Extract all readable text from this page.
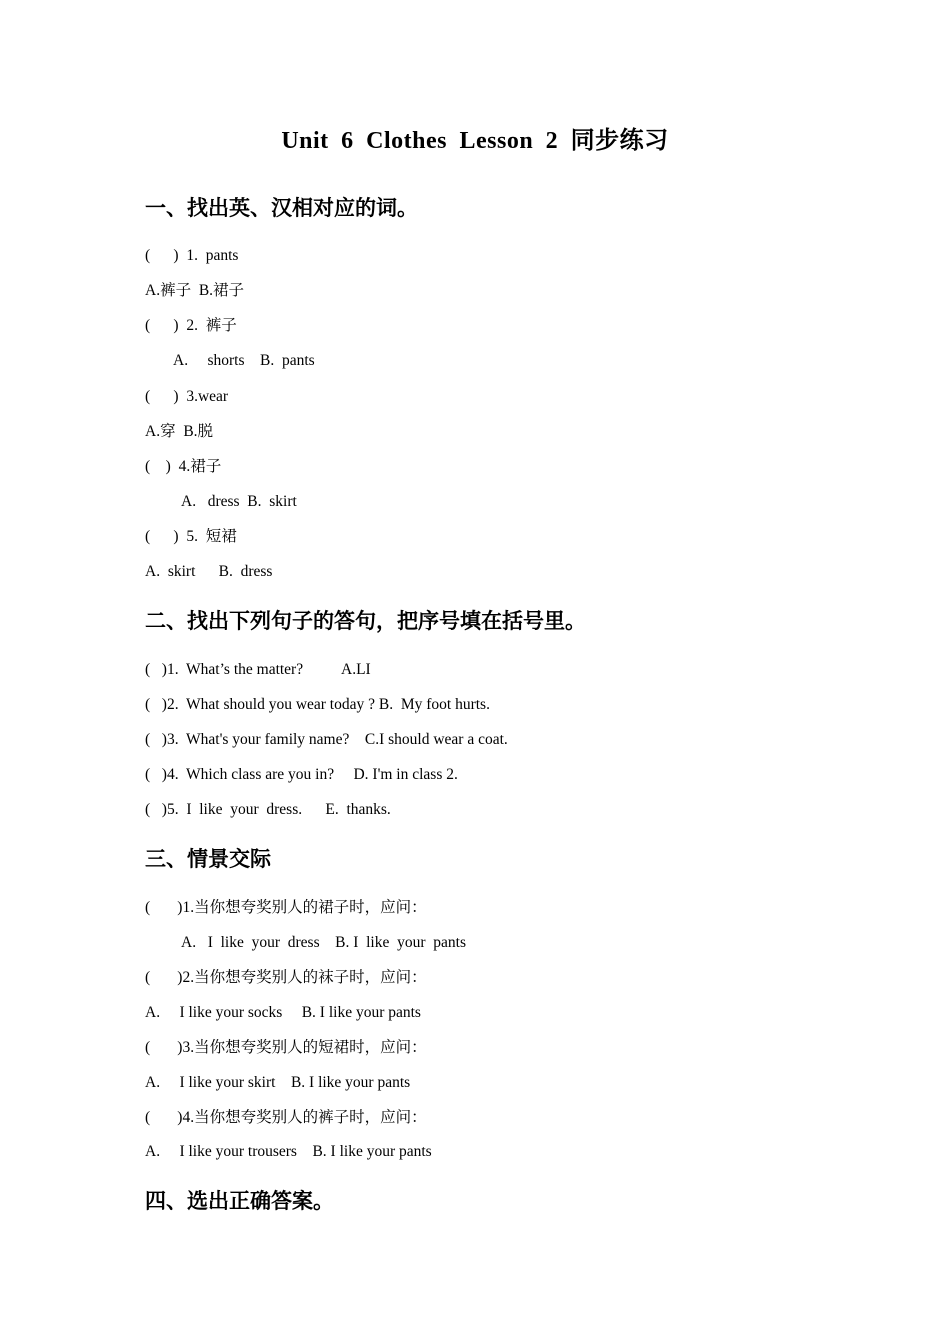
Unit 6 Clothes Lesson 2 同步练习
一、找出英、汉相对应的词。
(      )  1.  pants
A.裤子  B.裙子
(      )  2.  裤子
A.     shorts    B.  pants
(      )  3.wear
A.穿  B.脱
(    )  4.裙子
A.   dress  B.  skirt
(      )  5.  短裙
A.  skirt      B.  dress
二、找出下列句子的答句，把序号填在括号里。
(   )1.  What’s the matter?          A.LI
(   )2.  What should you wear today ? B.  My foot hurts.
(   )3.  What's your family name?    C.I should wear a coat.
(   )4.  Which class are you in?     D. I'm in class 2.
(   )5.  I  like  your  dress.      E.  thanks.
三、情景交际
(       )1.当你想夸奖别人的裙子时，应问：
A.   I  like  your  dress    B. I  like  your  pants
(       )2.当你想夸奖别人的袜子时，应问：
A.     I like your socks     B. I like your pants
(       )3.当你想夸奖别人的短裙时，应问：
A.     I like your skirt    B. I like your pants
(       )4.当你想夸奖别人的裤子时，应问：
A.     I like your trousers    B. I like your pants
四、选出正确答案。
